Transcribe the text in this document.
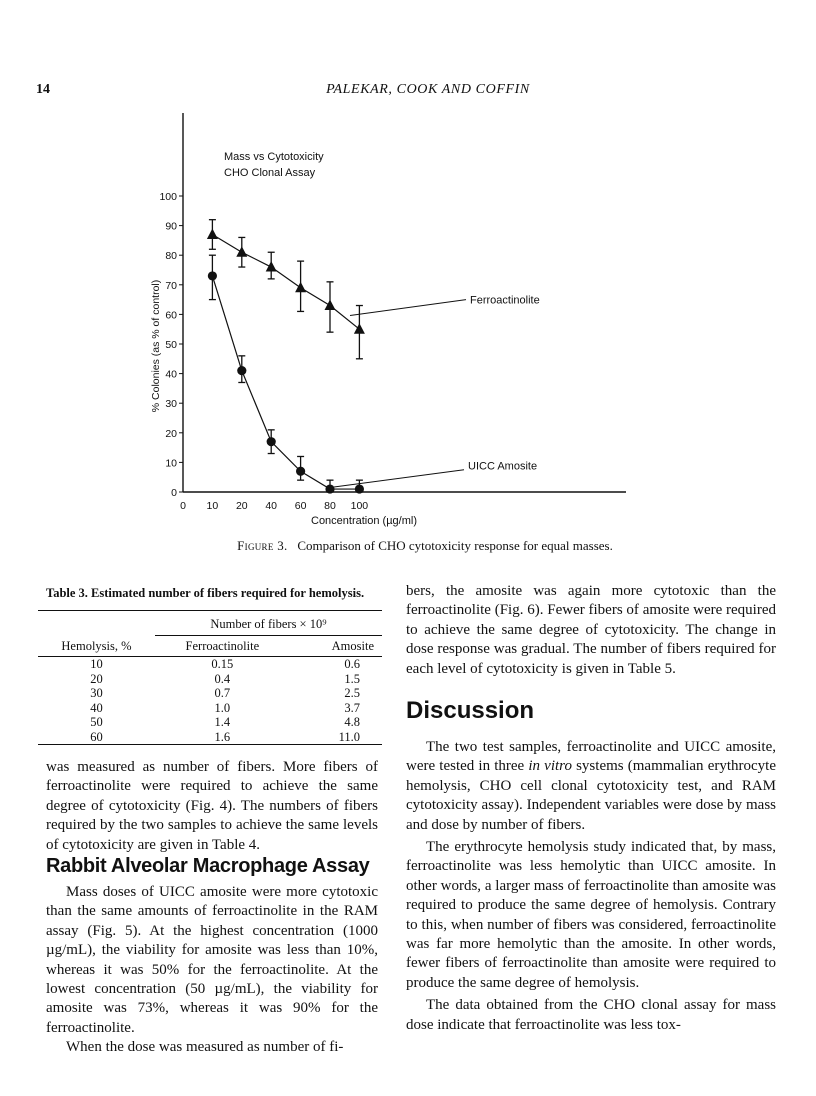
14	PALEKAR, COOK AND COFFIN
Mass vs Cytotoxicity
CHO Clonal Assay
% Colonies (as % of control)
Concentration (µg/ml)
0
10
20
30
40
50
60
70
80
90
100
0 10 20 40 60 80 100
Ferroactinolite
UICC Amosite
Figure 3. Comparison of CHO cytotoxicity response for equal masses.
Table 3. Estimated number of fibers required for hemolysis.

	Number of fibers × 10⁹	
Hemolysis, %	Ferroactinolite	Amosite
10	0.15	0.6
20	0.4	1.5
30	0.7	2.5
40	1.0	3.7
50	1.4	4.8
60	1.6	11.0

was measured as number of fibers. More fibers of ferroactinolite were required to achieve the same degree of cytotoxicity (Fig. 4). The numbers of fibers required by the two samples to achieve the same levels of cytotoxicity are given in Table 4.

Rabbit Alveolar Macrophage Assay

Mass doses of UICC amosite were more cytotoxic than the same amounts of ferroactinolite in the RAM assay (Fig. 5). At the highest concentration (1000 µg/mL), the viability for amosite was less than 10%, whereas it was 50% for the ferroactinolite. At the lowest concentration (50 µg/mL), the viability for amosite was 73%, whereas it was 90% for the ferroactinolite.

When the dose was measured as number of fi-

bers, the amosite was again more cytotoxic than the ferroactinolite (Fig. 6). Fewer fibers of amosite were required to achieve the same degree of cytotoxicity. The change in dose response was gradual. The number of fibers required for each level of cytotoxicity is given in Table 5.

Discussion

The two test samples, ferroactinolite and UICC amosite, were tested in three in vitro systems (mammalian erythrocyte hemolysis, CHO cell clonal cytotoxicity test, and RAM cytotoxicity assay). Independent variables were dose by mass and dose by number of fibers.

The erythrocyte hemolysis study indicated that, by mass, ferroactinolite was less hemolytic than UICC amosite. In other words, a larger mass of ferroactinolite than amosite was required to produce the same degree of hemolysis. Contrary to this, when number of fibers was considered, ferroactinolite was far more hemolytic than the amosite. In other words, fewer fibers of ferroactinolite than amosite were required to produce the same degree of hemolysis.

The data obtained from the CHO clonal assay for mass dose indicate that ferroactinolite was less tox-
